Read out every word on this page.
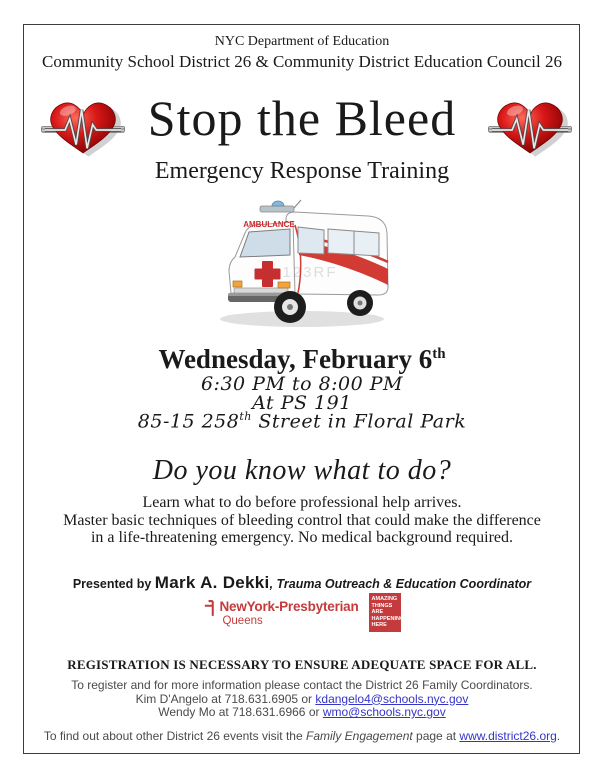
NYC Department of Education
Community School District 26 & Community District Education Council 26
Stop the Bleed
Emergency Response Training
AMBULANCE
123RF
Wednesday, February 6th
6:30 PM to 8:00 PM
At PS 191
85-15 258th Street in Floral Park
Do you know what to do?
Learn what to do before professional help arrives.
Master basic techniques of bleeding control that could make the difference
in a life-threatening emergency. No medical background required.
Presented by Mark A. Dekki, Trauma Outreach & Education Coordinator
NewYork-Presbyterian
Queens
AMAZING
THINGS
ARE
HAPPENING
HERE
REGISTRATION IS NECESSARY TO ENSURE ADEQUATE SPACE FOR ALL.
To register and for more information please contact the District 26 Family Coordinators.
Kim D'Angelo at 718.631.6905 or kdangelo4@schools.nyc.gov
Wendy Mo at 718.631.6966 or wmo@schools.nyc.gov
To find out about other District 26 events visit the Family Engagement page at www.district26.org.
